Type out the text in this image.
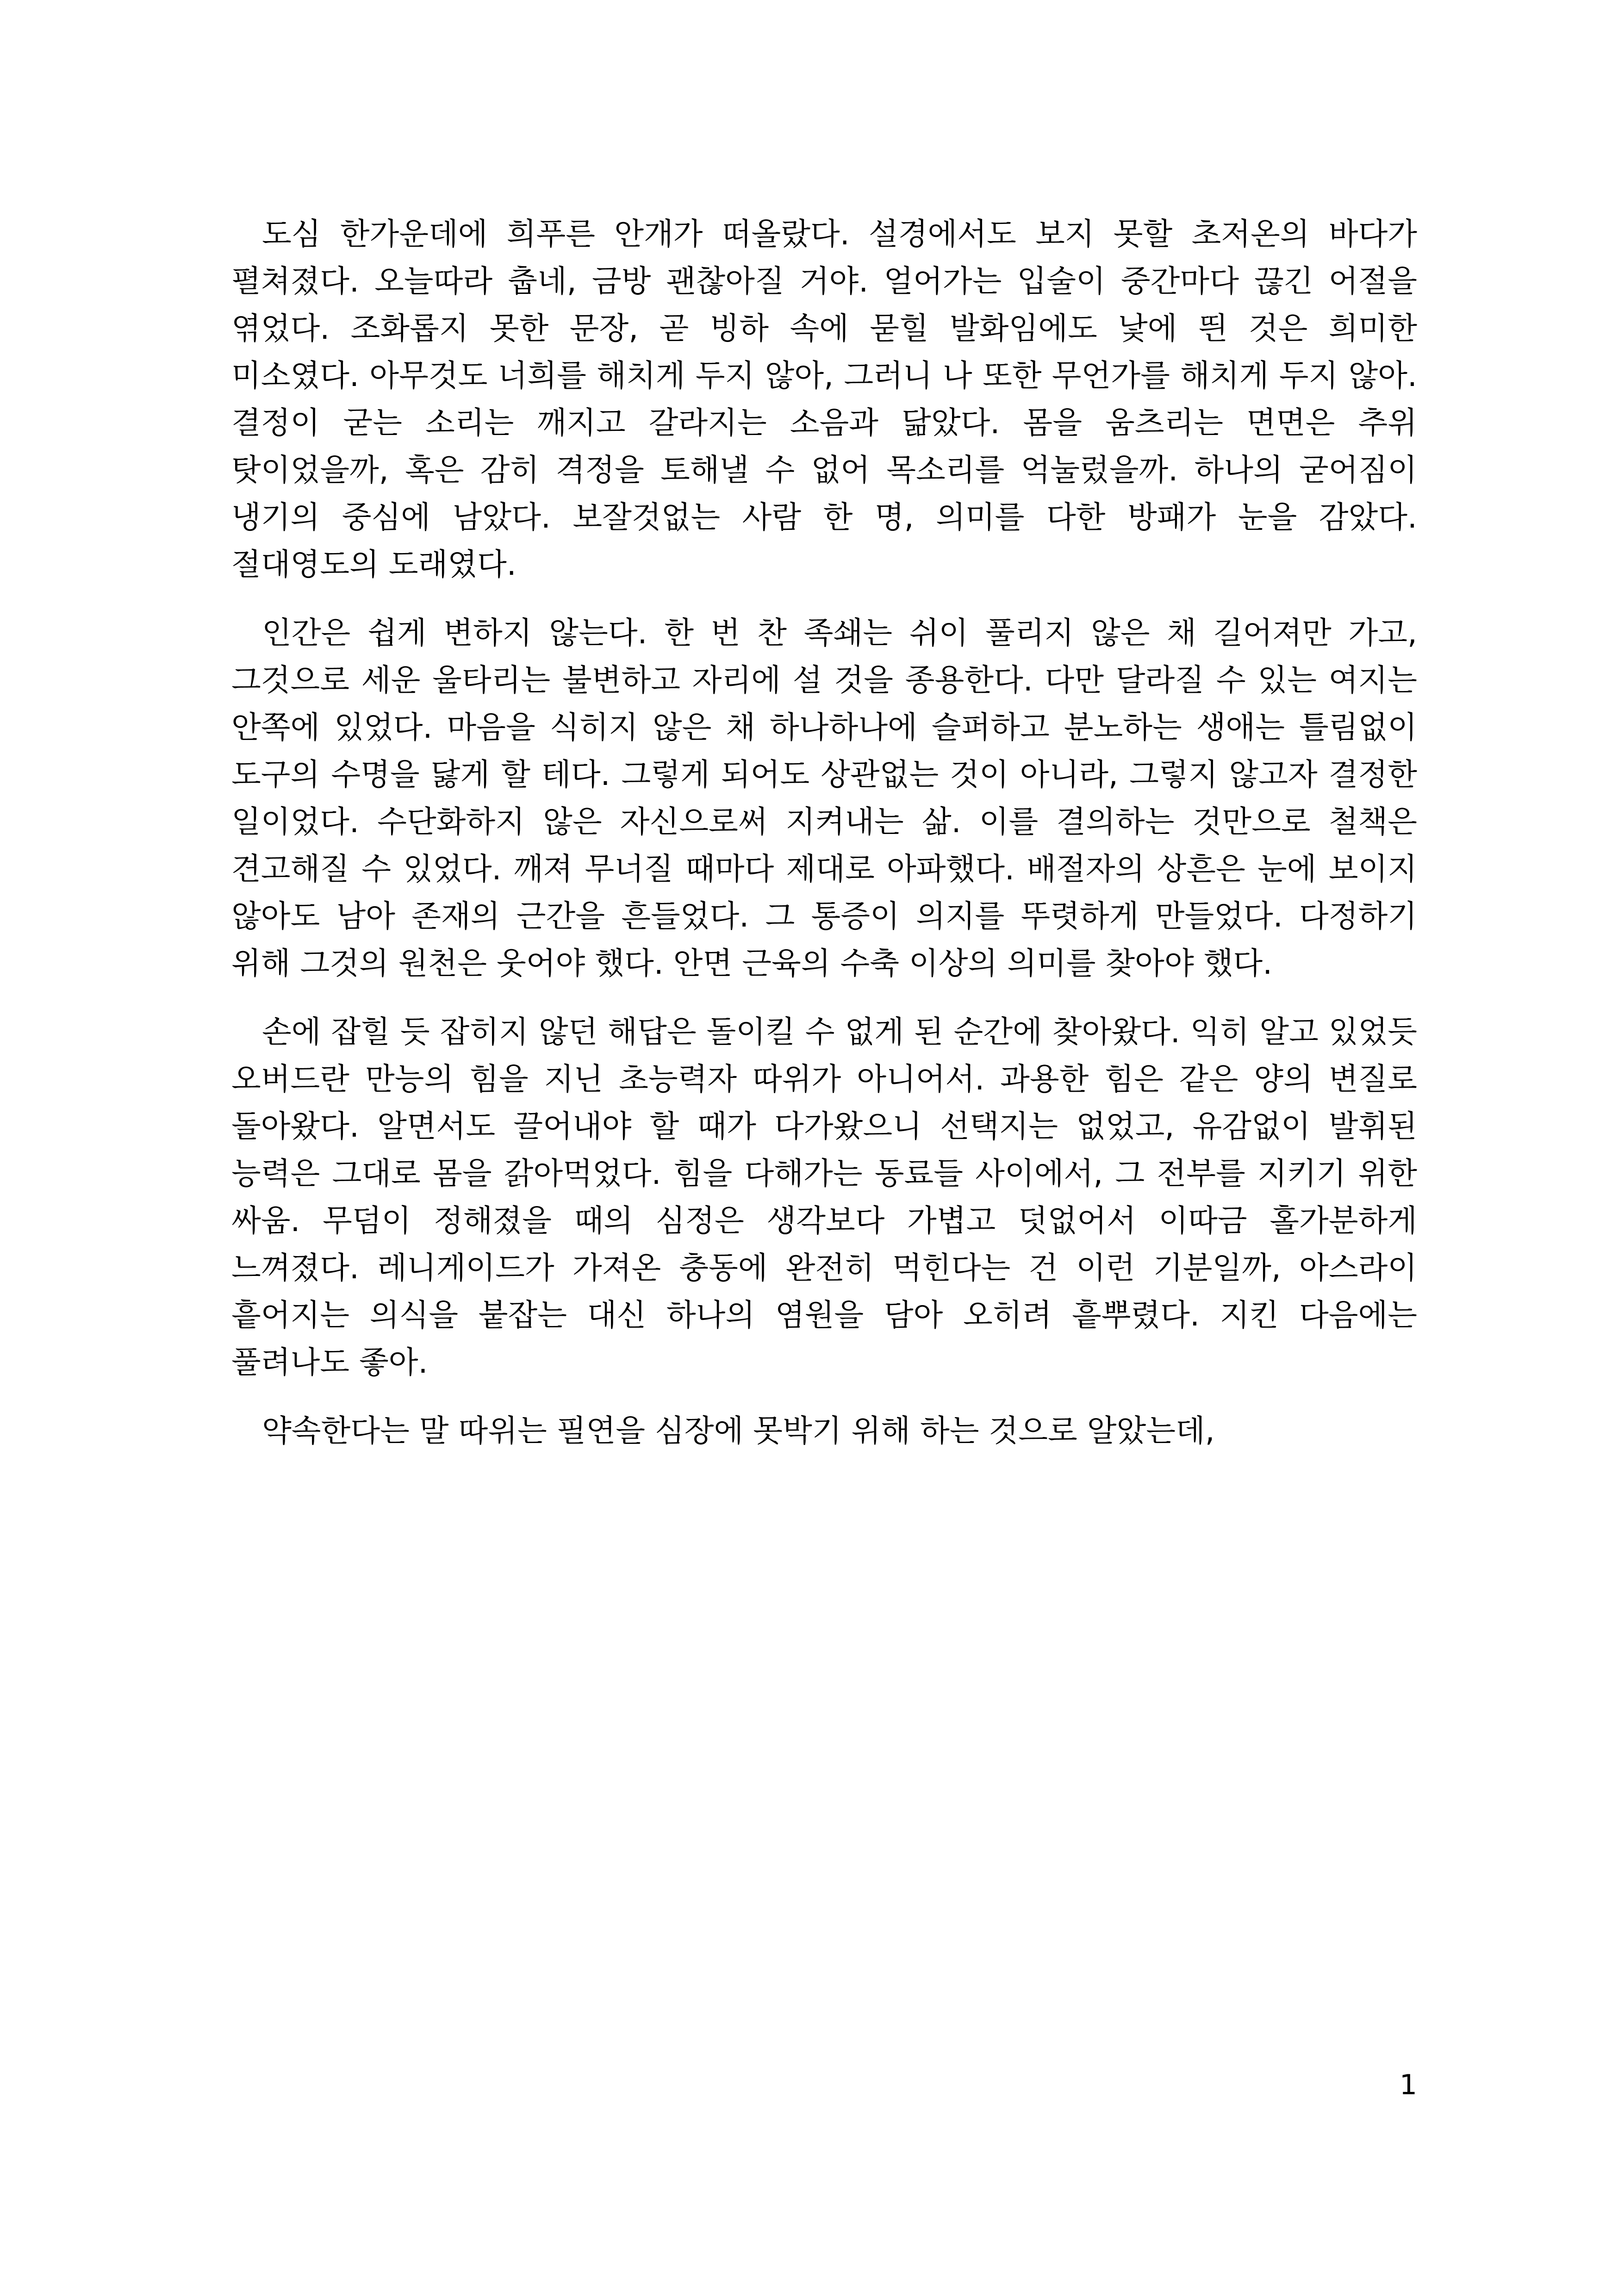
도심 한가운데에 희푸른 안개가 떠올랐다. 설경에서도 보지 못할 초저온의 바다가 펼쳐졌다. 오늘따라 춥네, 금방 괜찮아질 거야. 얼어가는 입술이 중간마다 끊긴 어절을 엮었다. 조화롭지 못한 문장, 곧 빙하 속에 묻힐 발화임에도 낯에 띈 것은 희미한 미소였다. 아무것도 너희를 해치게 두지 않아, 그러니 나 또한 무언가를 해치게 두지 않아. 결정이 굳는 소리는 깨지고 갈라지는 소음과 닮았다. 몸을 움츠리는 면면은 추위 탓이었을까, 혹은 감히 격정을 토해낼 수 없어 목소리를 억눌렀을까. 하나의 굳어짐이 냉기의 중심에 남았다. 보잘것없는 사람 한 명, 의미를 다한 방패가 눈을 감았다. 절대영도의 도래였다.

인간은 쉽게 변하지 않는다. 한 번 찬 족쇄는 쉬이 풀리지 않은 채 길어져만 가고, 그것으로 세운 울타리는 불변하고 자리에 설 것을 종용한다. 다만 달라질 수 있는 여지는 안쪽에 있었다. 마음을 식히지 않은 채 하나하나에 슬퍼하고 분노하는 생애는 틀림없이 도구의 수명을 닳게 할 테다. 그렇게 되어도 상관없는 것이 아니라, 그렇지 않고자 결정한 일이었다. 수단화하지 않은 자신으로써 지켜내는 삶. 이를 결의하는 것만으로 철책은 견고해질 수 있었다. 깨져 무너질 때마다 제대로 아파했다. 배절자의 상흔은 눈에 보이지 않아도 남아 존재의 근간을 흔들었다. 그 통증이 의지를 뚜렷하게 만들었다. 다정하기 위해 그것의 원천은 웃어야 했다. 안면 근육의 수축 이상의 의미를 찾아야 했다.

손에 잡힐 듯 잡히지 않던 해답은 돌이킬 수 없게 된 순간에 찾아왔다. 익히 알고 있었듯 오버드란 만능의 힘을 지닌 초능력자 따위가 아니어서. 과용한 힘은 같은 양의 변질로 돌아왔다. 알면서도 끌어내야 할 때가 다가왔으니 선택지는 없었고, 유감없이 발휘된 능력은 그대로 몸을 갉아먹었다. 힘을 다해가는 동료들 사이에서, 그 전부를 지키기 위한 싸움. 무덤이 정해졌을 때의 심정은 생각보다 가볍고 덧없어서 이따금 홀가분하게 느껴졌다. 레니게이드가 가져온 충동에 완전히 먹힌다는 건 이런 기분일까, 아스라이 흩어지는 의식을 붙잡는 대신 하나의 염원을 담아 오히려 흩뿌렸다. 지킨 다음에는 풀려나도 좋아.

약속한다는 말 따위는 필연을 심장에 못박기 위해 하는 것으로 알았는데,

1
